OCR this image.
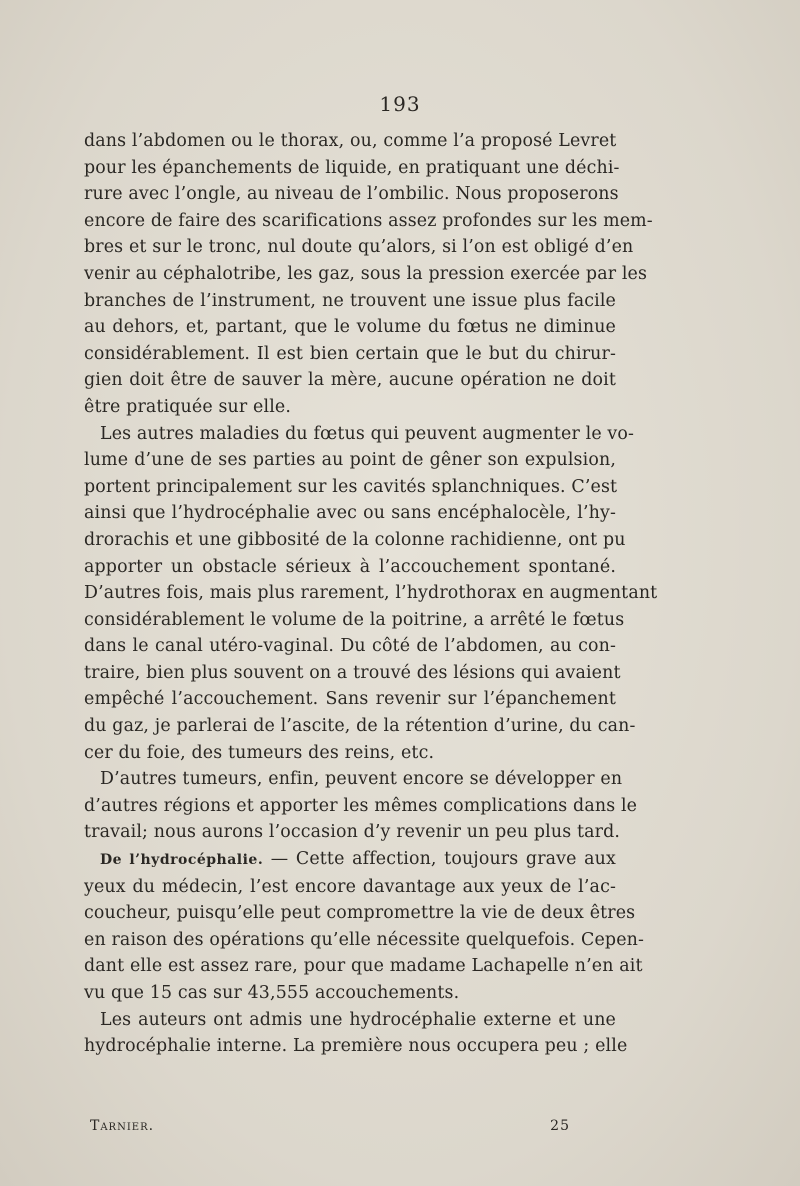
193
dans l’abdomen ou le thorax, ou, comme l’a proposé Levret
pour les épanchements de liquide, en pratiquant une déchi-
rure avec l’ongle, au niveau de l’ombilic. Nous proposerons
encore de faire des scarifications assez profondes sur les mem-
bres et sur le tronc, nul doute qu’alors, si l’on est obligé d’en
venir au céphalotribe, les gaz, sous la pression exercée par les
branches de l’instrument, ne trouvent une issue plus facile
au dehors, et, partant, que le volume du fœtus ne diminue
considérablement. Il est bien certain que le but du chirur-
gien doit être de sauver la mère, aucune opération ne doit
être pratiquée sur elle.
Les autres maladies du fœtus qui peuvent augmenter le vo-
lume d’une de ses parties au point de gêner son expulsion,
portent principalement sur les cavités splanchniques. C’est
ainsi que l’hydrocéphalie avec ou sans encéphalocèle, l’hy-
drorachis et une gibbosité de la colonne rachidienne, ont pu
apporter un obstacle sérieux à l’accouchement spontané.
D’autres fois, mais plus rarement, l’hydrothorax en augmentant
considérablement le volume de la poitrine, a arrêté le fœtus
dans le canal utéro-vaginal. Du côté de l’abdomen, au con-
traire, bien plus souvent on a trouvé des lésions qui avaient
empêché l’accouchement. Sans revenir sur l’épanchement
du gaz, je parlerai de l’ascite, de la rétention d’urine, du can-
cer du foie, des tumeurs des reins, etc.
D’autres tumeurs, enfin, peuvent encore se développer en
d’autres régions et apporter les mêmes complications dans le
travail; nous aurons l’occasion d’y revenir un peu plus tard.
De l’hydrocéphalie. — Cette affection, toujours grave aux
yeux du médecin, l’est encore davantage aux yeux de l’ac-
coucheur, puisqu’elle peut compromettre la vie de deux êtres
en raison des opérations qu’elle nécessite quelquefois. Cepen-
dant elle est assez rare, pour que madame Lachapelle n’en ait
vu que 15 cas sur 43,555 accouchements.
Les auteurs ont admis une hydrocéphalie externe et une
hydrocéphalie interne. La première nous occupera peu ; elle
Tarnier.	25
